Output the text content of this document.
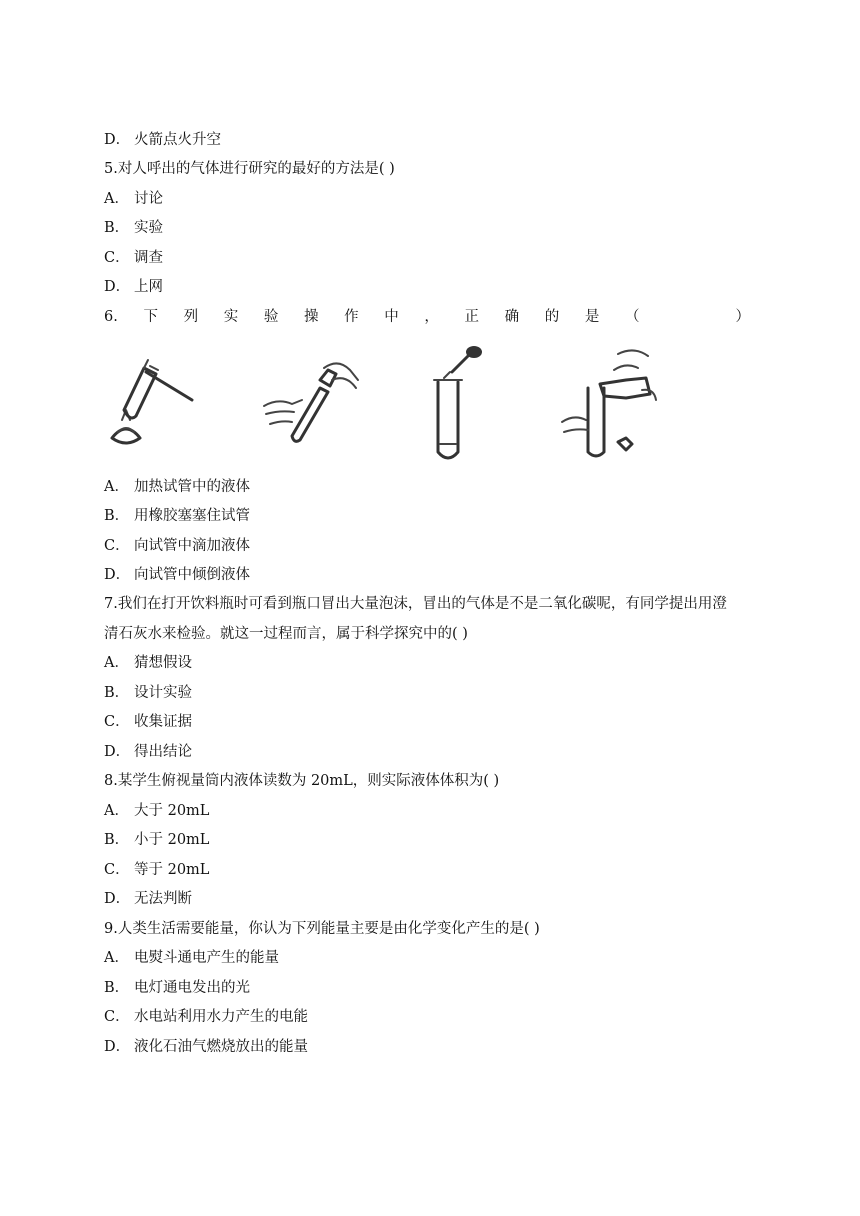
D． 火箭点火升空
5.对人呼出的气体进行研究的最好的方法是( )
A． 讨论
B． 实验
C． 调查
D． 上网
6. 下 列 实 验 操 作 中 ， 正 确 的 是 （	）
A． 加热试管中的液体
B． 用橡胶塞塞住试管
C． 向试管中滴加液体
D． 向试管中倾倒液体
7.我们在打开饮料瓶时可看到瓶口冒出大量泡沫，冒出的气体是不是二氧化碳呢，有同学提出用澄
清石灰水来检验。就这一过程而言，属于科学探究中的( )
A． 猜想假设
B． 设计实验
C． 收集证据
D． 得出结论
8.某学生俯视量筒内液体读数为 20mL，则实际液体体积为( )
A． 大于 20mL
B． 小于 20mL
C． 等于 20mL
D． 无法判断
9.人类生活需要能量，你认为下列能量主要是由化学变化产生的是( )
A． 电熨斗通电产生的能量
B． 电灯通电发出的光
C． 水电站利用水力产生的电能
D． 液化石油气燃烧放出的能量
